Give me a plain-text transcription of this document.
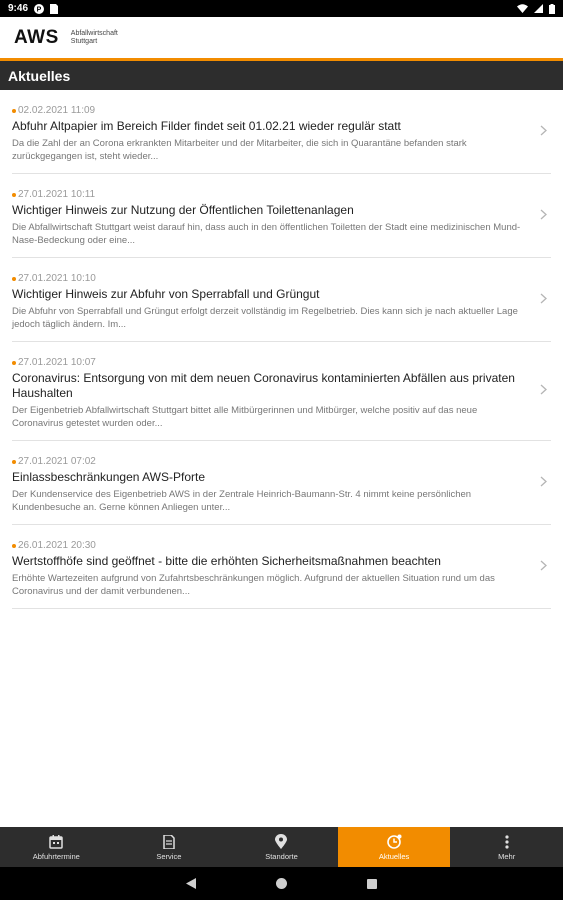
9:46 P
AWS Abfallwirtschaft
Stuttgart
Aktuelles
02.02.2021 11:09
Abfuhr Altpapier im Bereich Filder findet seit 01.02.21 wieder regulär statt
Da die Zahl der an Corona erkrankten Mitarbeiter und der Mitarbeiter, die sich in Quarantäne befanden stark zurückgegangen ist, steht wieder...
27.01.2021 10:11
Wichtiger Hinweis zur Nutzung der Öffentlichen Toilettenanlagen
Die Abfallwirtschaft Stuttgart weist darauf hin, dass auch in den öffentlichen Toiletten der Stadt eine medizinischen Mund-Nase-Bedeckung oder eine...
27.01.2021 10:10
Wichtiger Hinweis zur Abfuhr von Sperrabfall und Grüngut
Die Abfuhr von Sperrabfall und Grüngut erfolgt derzeit vollständig im Regelbetrieb. Dies kann sich je nach aktueller Lage jedoch täglich ändern. Im...
27.01.2021 10:07
Coronavirus: Entsorgung von mit dem neuen Coronavirus kontaminierten Abfällen aus privaten Haushalten
Der Eigenbetrieb Abfallwirtschaft Stuttgart bittet alle Mitbürgerinnen und Mitbürger, welche positiv auf das neue Coronavirus getestet wurden oder...
27.01.2021 07:02
Einlassbeschränkungen AWS-Pforte
Der Kundenservice des Eigenbetrieb AWS in der Zentrale Heinrich-Baumann-Str. 4 nimmt keine persönlichen Kundenbesuche an. Gerne können Anliegen unter...
26.01.2021 20:30
Wertstoffhöfe sind geöffnet - bitte die erhöhten Sicherheitsmaßnahmen beachten
Erhöhte Wartezeiten aufgrund von Zufahrtsbeschränkungen möglich. Aufgrund der aktuellen Situation rund um das Coronavirus und der damit verbundenen...
Abfuhrtermine	Service	Standorte	Aktuelles	Mehr
